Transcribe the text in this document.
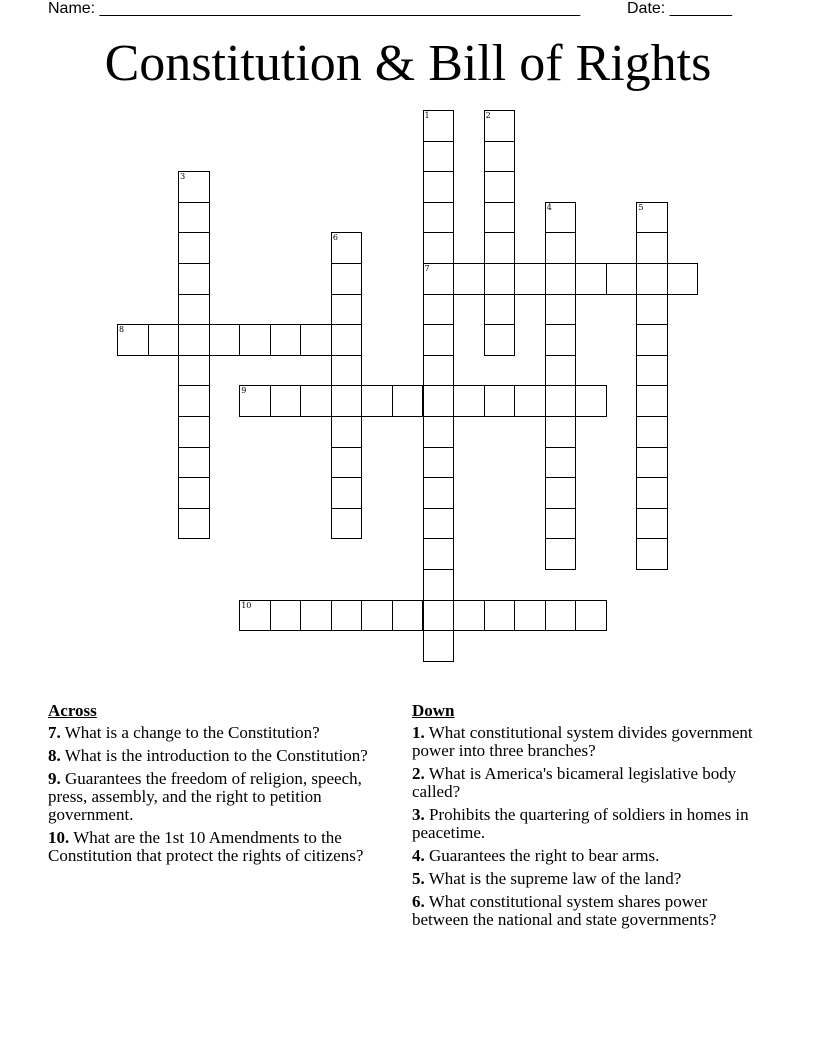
Name: ______________________________________________________	Date: _______
Constitution & Bill of Rights
1
7
2
3
4	5
6
8
9
10
Across
7. What is a change to the Constitution?
8. What is the introduction to the Constitution?
9. Guarantees the freedom of religion, speech, press, assembly, and the right to petition government.
10. What are the 1st 10 Amendments to the Constitution that protect the rights of citizens?
Down
1. What constitutional system divides government power into three branches?
2. What is America's bicameral legislative body called?
3. Prohibits the quartering of soldiers in homes in peacetime.
4. Guarantees the right to bear arms.
5. What is the supreme law of the land?
6. What constitutional system shares power between the national and state governments?
